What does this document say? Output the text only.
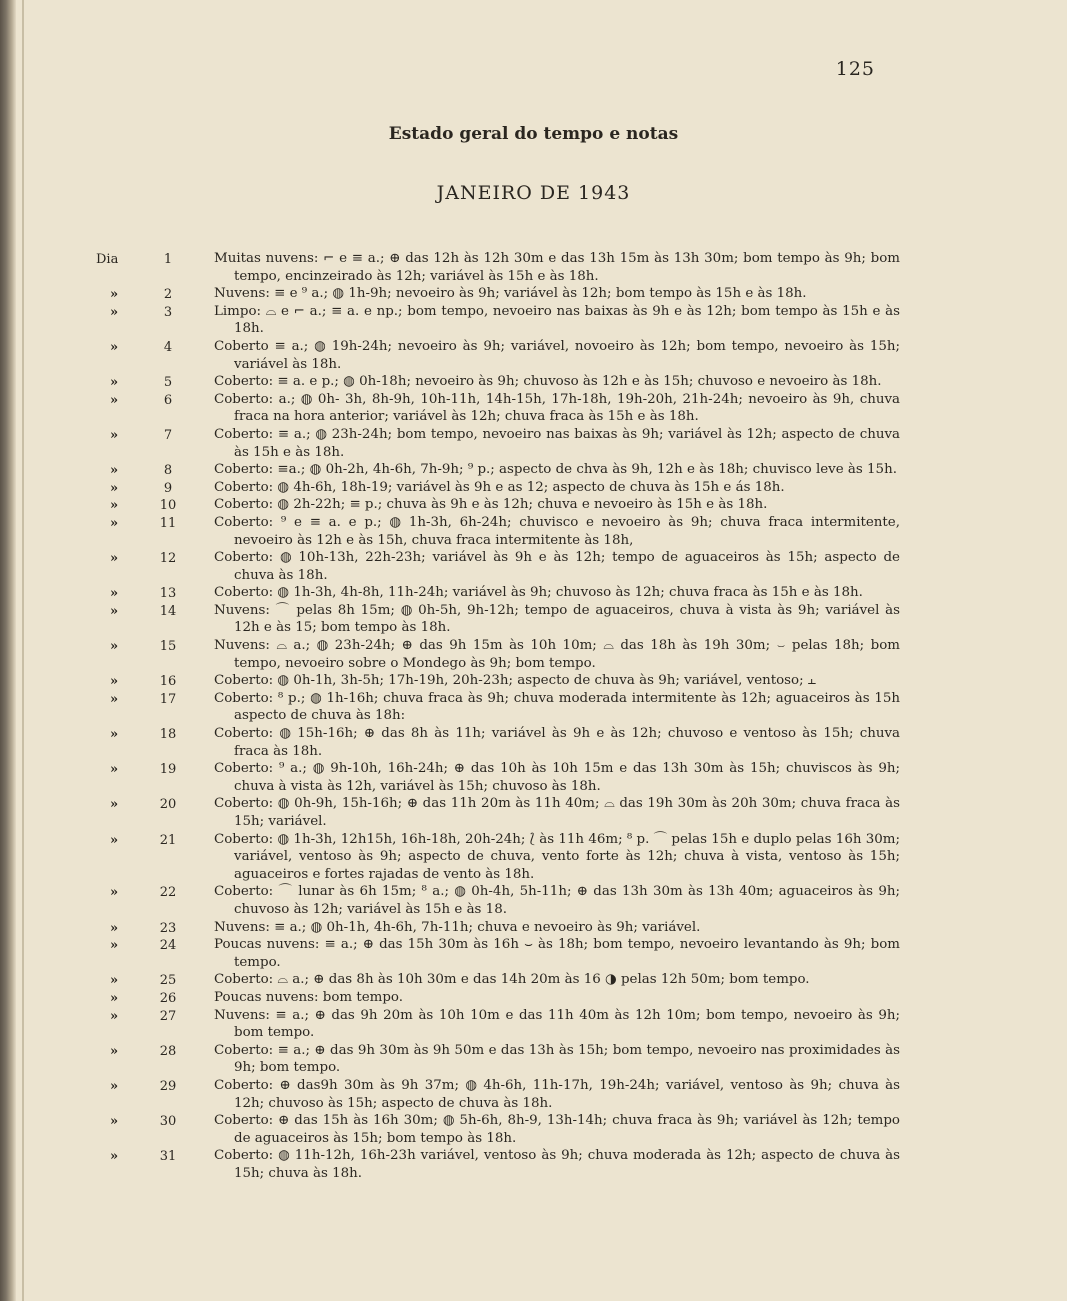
125
Estado geral do tempo e notas
JANEIRO DE 1943
Dia	1	Muitas nuvens: ⌐ e ≡ a.; ⊕ das 12h às 12h 30m e das 13h 15m às 13h 30m; bom tempo às 9h; bom tempo, encinzeirado às 12h; variável às 15h e às 18h.
»	2	Nuvens: ≡ e ⁹ a.; ◍ 1h-9h; nevoeiro às 9h; variável às 12h; bom tempo às 15h e às 18h.
»	3	Limpo: ⌓ e ⌐ a.; ≡ a. e np.; bom tempo, nevoeiro nas baixas às 9h e às 12h; bom tempo às 15h e às 18h.
»	4	Coberto ≡ a.; ◍ 19h-24h; nevoeiro às 9h; variável, novoeiro às 12h; bom tempo, nevoeiro às 15h; variável às 18h.
»	5	Coberto: ≡ a. e p.; ◍ 0h-18h; nevoeiro às 9h; chuvoso às 12h e às 15h; chuvoso e nevoeiro às 18h.
»	6	Coberto: a.; ◍ 0h- 3h, 8h-9h, 10h-11h, 14h-15h, 17h-18h, 19h-20h, 21h-24h; nevoeiro às 9h, chuva fraca na hora anterior; variável às 12h; chuva fraca às 15h e às 18h.
»	7	Coberto: ≡ a.; ◍ 23h-24h; bom tempo, nevoeiro nas baixas às 9h; variável às 12h; aspecto de chuva às 15h e às 18h.
»	8	Coberto: ≡a.; ◍ 0h-2h, 4h-6h, 7h-9h; ⁹ p.; aspecto de chva às 9h, 12h e às 18h; chuvisco leve às 15h.
»	9	Coberto: ◍ 4h-6h, 18h-19; variável às 9h e as 12; aspecto de chuva às 15h e ás 18h.
»	10	Coberto: ◍ 2h-22h; ≡ p.; chuva às 9h e às 12h; chuva e nevoeiro às 15h e às 18h.
»	11	Coberto: ⁹ e ≡ a. e p.; ◍ 1h-3h, 6h-24h; chuvisco e nevoeiro às 9h; chuva fraca intermitente, nevoeiro às 12h e às 15h, chuva fraca intermitente às 18h,
»	12	Coberto: ◍ 10h-13h, 22h-23h; variável às 9h e às 12h; tempo de aguaceiros às 15h; aspecto de chuva às 18h.
»	13	Coberto: ◍ 1h-3h, 4h-8h, 11h-24h; variável às 9h; chuvoso às 12h; chuva fraca às 15h e às 18h.
»	14	Nuvens: ⌒ pelas 8h 15m; ◍ 0h-5h, 9h-12h; tempo de aguaceiros, chuva à vista às 9h; variável às 12h e às 15; bom tempo às 18h.
»	15	Nuvens: ⌓ a.; ◍ 23h-24h; ⊕ das 9h 15m às 10h 10m; ⌓ das 18h às 19h 30m; ⌣ pelas 18h; bom tempo, nevoeiro sobre o Mondego às 9h; bom tempo.
»	16	Coberto: ◍ 0h-1h, 3h-5h; 17h-19h, 20h-23h; aspecto de chuva às 9h; variável, ventoso; ⫠
»	17	Coberto: ⁸ p.; ◍ 1h-16h; chuva fraca às 9h; chuva moderada intermitente às 12h; aguaceiros às 15h aspecto de chuva às 18h:
»	18	Coberto: ◍ 15h-16h; ⊕ das 8h às 11h; variável às 9h e às 12h; chuvoso e ventoso às 15h; chuva fraca às 18h.
»	19	Coberto: ⁹ a.; ◍ 9h-10h, 16h-24h; ⊕ das 10h às 10h 15m e das 13h 30m às 15h; chuviscos às 9h; chuva à vista às 12h, variável às 15h; chuvoso às 18h.
»	20	Coberto: ◍ 0h-9h, 15h-16h; ⊕ das 11h 20m às 11h 40m; ⌓ das 19h 30m às 20h 30m; chuva fraca às 15h; variável.
»	21	Coberto: ◍ 1h-3h, 12h15h, 16h-18h, 20h-24h; ⟅ às 11h 46m; ⁸ p. ⌒ pelas 15h e duplo pelas 16h 30m; variável, ventoso às 9h; aspecto de chuva, vento forte às 12h; chuva à vista, ventoso às 15h; aguaceiros e fortes rajadas de vento às 18h.
»	22	Coberto: ⌒ lunar às 6h 15m; ⁸ a.; ◍ 0h-4h, 5h-11h; ⊕ das 13h 30m às 13h 40m; aguaceiros às 9h; chuvoso às 12h; variável às 15h e às 18.
»	23	Nuvens: ≡ a.; ◍ 0h-1h, 4h-6h, 7h-11h; chuva e nevoeiro às 9h; variável.
»	24	Poucas nuvens: ≡ a.; ⊕ das 15h 30m às 16h ⌣ às 18h; bom tempo, nevoeiro levantando às 9h; bom tempo.
»	25	Coberto: ⌓ a.; ⊕ das 8h às 10h 30m e das 14h 20m às 16 ◑ pelas 12h 50m; bom tempo.
»	26	Poucas nuvens: bom tempo.
»	27	Nuvens: ≡ a.; ⊕ das 9h 20m às 10h 10m e das 11h 40m às 12h 10m; bom tempo, nevoeiro às 9h; bom tempo.
»	28	Coberto: ≡ a.; ⊕ das 9h 30m às 9h 50m e das 13h às 15h; bom tempo, nevoeiro nas proximidades às 9h; bom tempo.
»	29	Coberto: ⊕ das9h 30m às 9h 37m; ◍ 4h-6h, 11h-17h, 19h-24h; variável, ventoso às 9h; chuva às 12h; chuvoso às 15h; aspecto de chuva às 18h.
»	30	Coberto: ⊕ das 15h às 16h 30m; ◍ 5h-6h, 8h-9, 13h-14h; chuva fraca às 9h; variável às 12h; tempo de aguaceiros às 15h; bom tempo às 18h.
»	31	Coberto: ◍ 11h-12h, 16h-23h variável, ventoso às 9h; chuva moderada às 12h; aspecto de chuva às 15h; chuva às 18h.
